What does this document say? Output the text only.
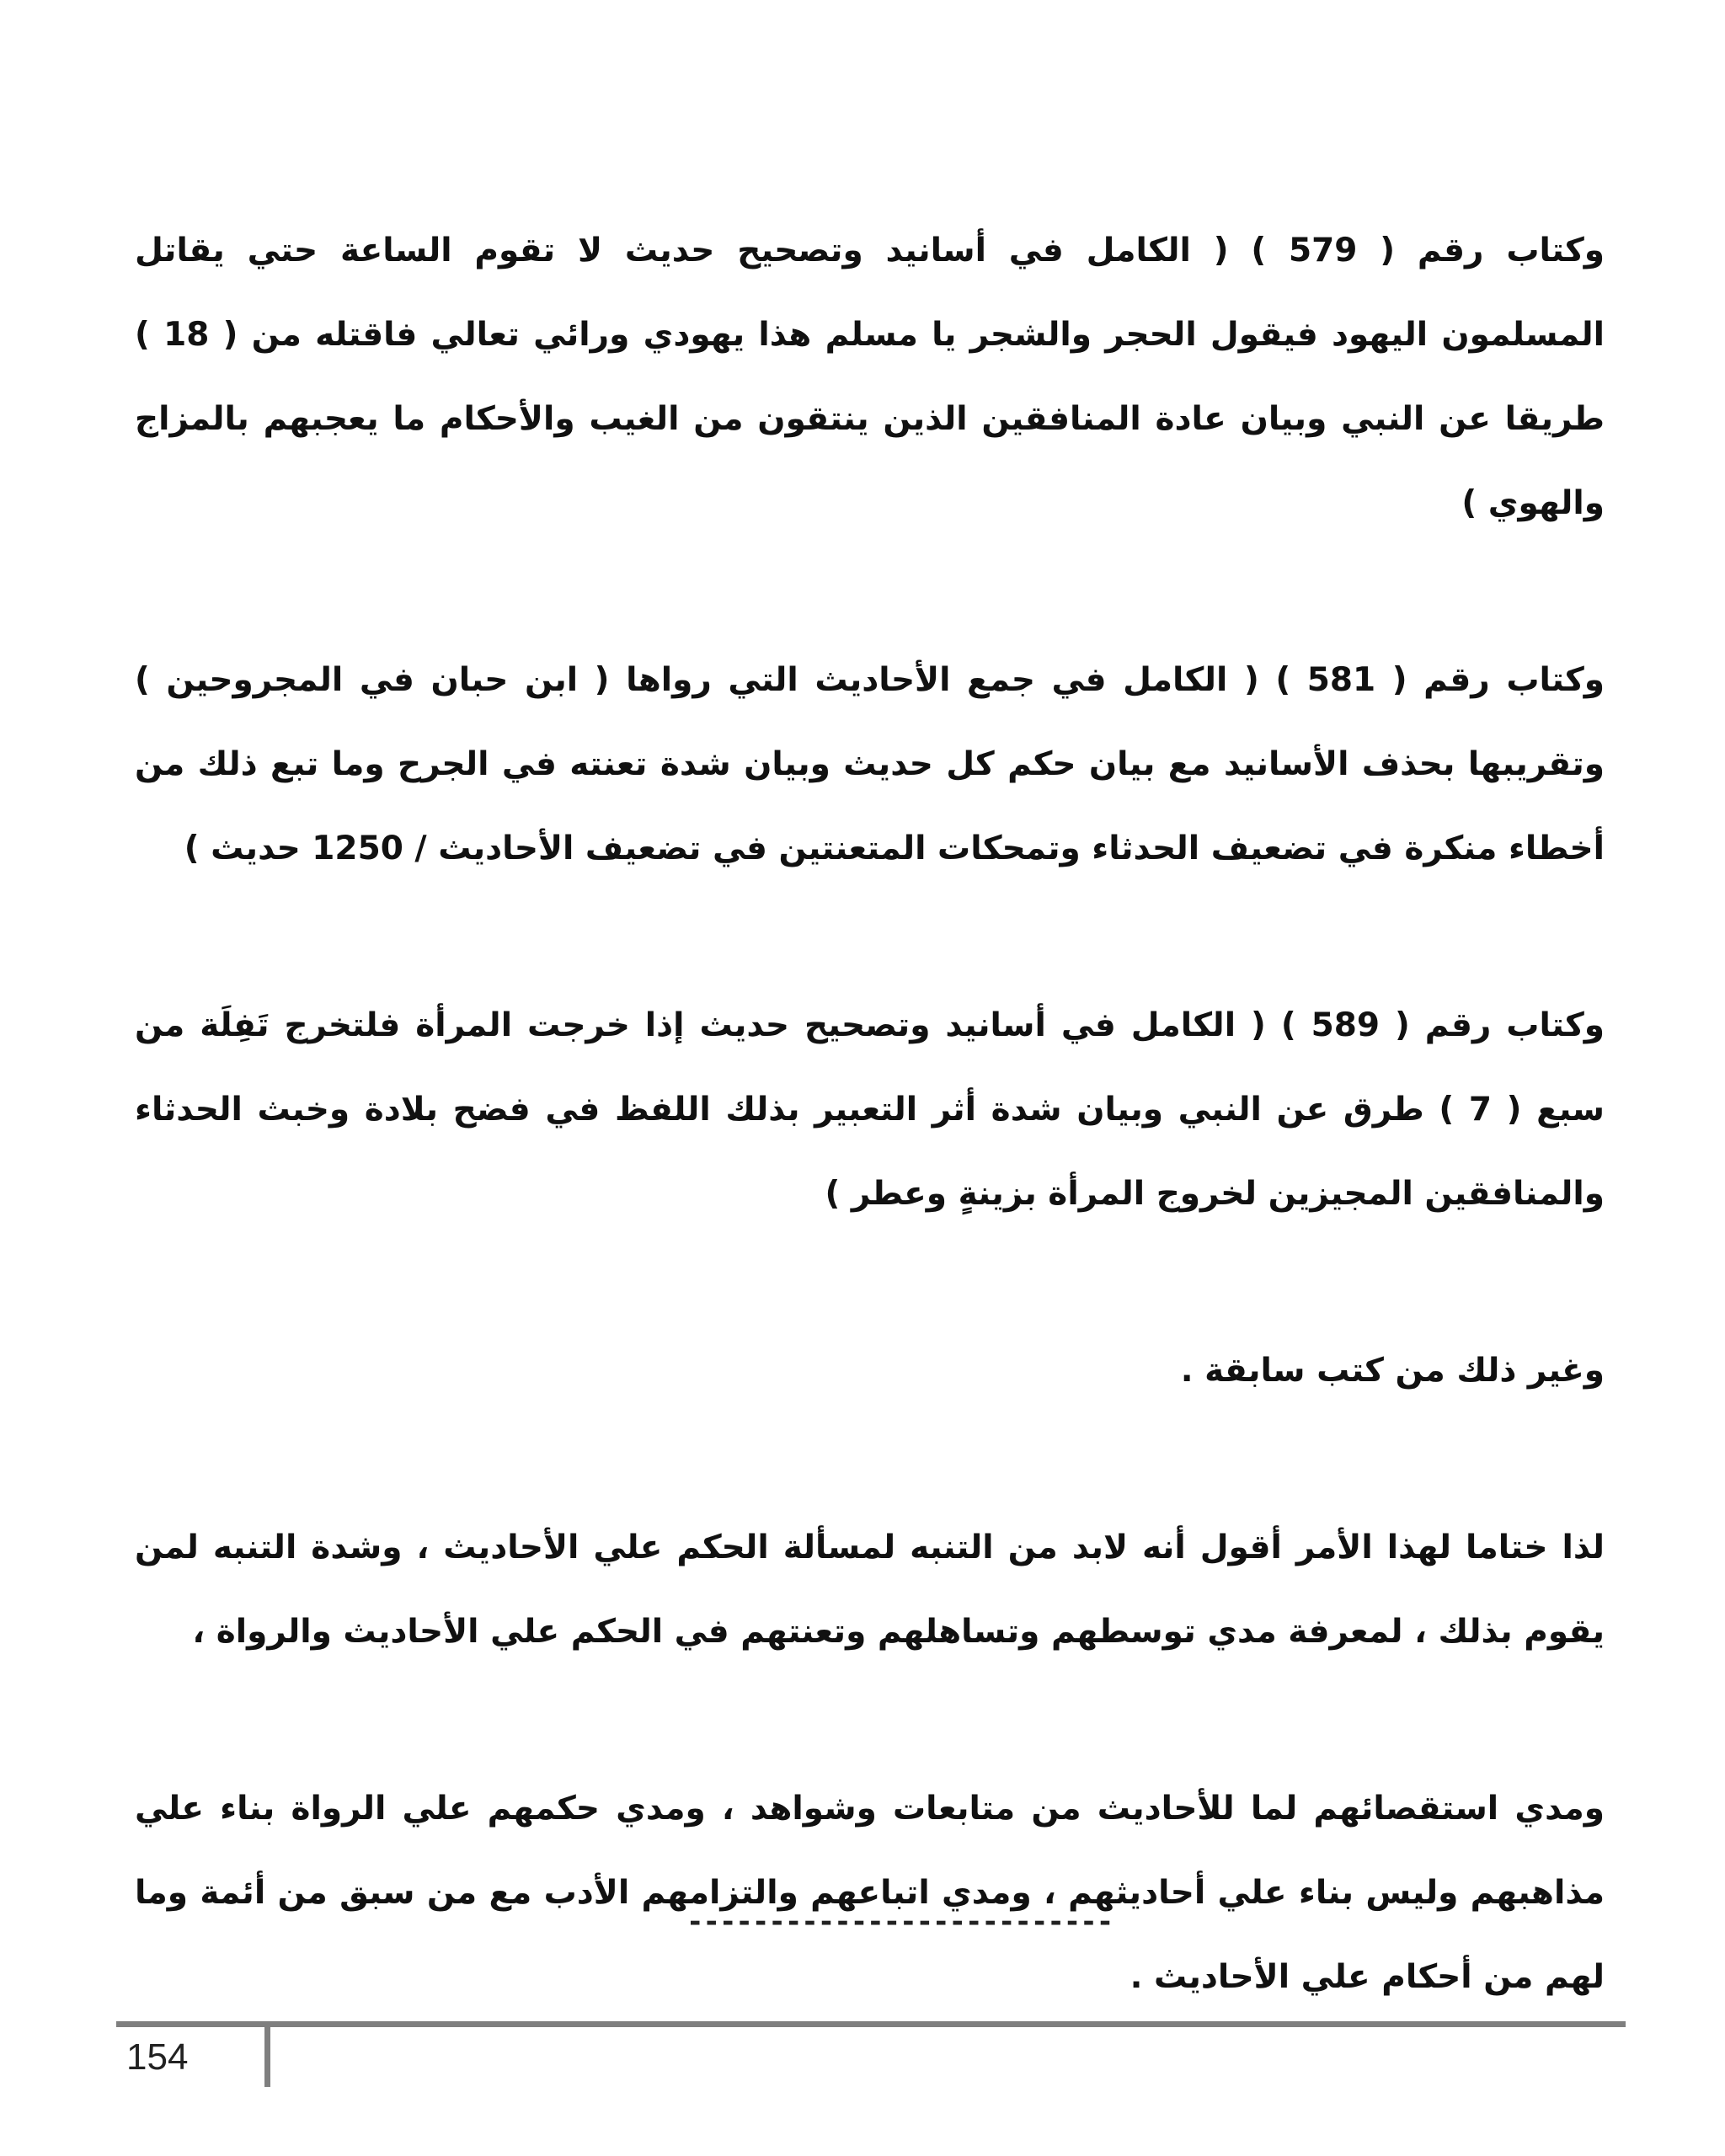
وكتاب رقم ( 579 ) ( الكامل في أسانيد وتصحيح حديث لا تقوم الساعة حتي يقاتل المسلمون اليهود فيقول الحجر والشجر يا مسلم هذا يهودي ورائي تعالي فاقتله من ( 18 ) طريقا عن النبي وبيان عادة المنافقين الذين ينتقون من الغيب والأحكام ما يعجبهم بالمزاج والهوي )

وكتاب رقم ( 581 ) ( الكامل في جمع الأحاديث التي رواها ( ابن حبان في المجروحين ) وتقريبها بحذف الأسانيد مع بيان حكم كل حديث وبيان شدة تعنته في الجرح وما تبع ذلك من أخطاء منكرة في تضعيف الحدثاء وتمحكات المتعنتين في تضعيف الأحاديث / 1250 حديث )

وكتاب رقم ( 589 ) ( الكامل في أسانيد وتصحيح حديث إذا خرجت المرأة فلتخرج تَفِلَة من سبع ( 7 ) طرق عن النبي وبيان شدة أثر التعبير بذلك اللفظ في فضح بلادة وخبث الحدثاء والمنافقين المجيزين لخروج المرأة بزينةٍ وعطر )

وغير ذلك من كتب سابقة .

لذا ختاما لهذا الأمر أقول أنه لابد من التنبه لمسألة الحكم علي الأحاديث ، وشدة التنبه لمن يقوم بذلك ، لمعرفة مدي توسطهم وتساهلهم وتعنتهم في الحكم علي الأحاديث والرواة ،

ومدي استقصائهم لما للأحاديث من متابعات وشواهد ، ومدي حكمهم علي الرواة بناء علي مذاهبهم وليس بناء علي أحاديثهم ، ومدي اتباعهم والتزامهم الأدب مع من سبق من أئمة وما لهم من أحكام علي الأحاديث .

--------------------------
154
